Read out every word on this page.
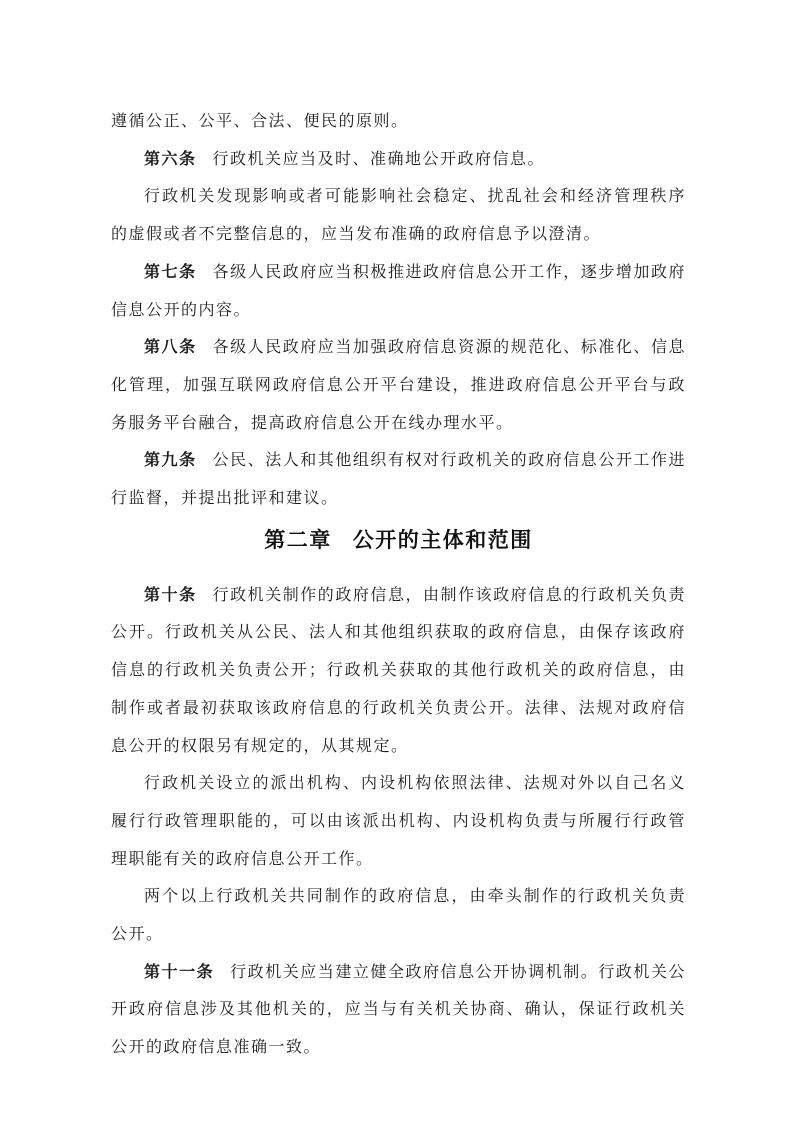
遵循公正、公平、合法、便民的原则。

第六条 行政机关应当及时、准确地公开政府信息。

行政机关发现影响或者可能影响社会稳定、扰乱社会和经济管理秩序的虚假或者不完整信息的，应当发布准确的政府信息予以澄清。

第七条 各级人民政府应当积极推进政府信息公开工作，逐步增加政府信息公开的内容。

第八条 各级人民政府应当加强政府信息资源的规范化、标准化、信息化管理，加强互联网政府信息公开平台建设，推进政府信息公开平台与政务服务平台融合，提高政府信息公开在线办理水平。

第九条 公民、法人和其他组织有权对行政机关的政府信息公开工作进行监督，并提出批评和建议。

第二章 公开的主体和范围

第十条 行政机关制作的政府信息，由制作该政府信息的行政机关负责公开。行政机关从公民、法人和其他组织获取的政府信息，由保存该政府信息的行政机关负责公开；行政机关获取的其他行政机关的政府信息，由制作或者最初获取该政府信息的行政机关负责公开。法律、法规对政府信息公开的权限另有规定的，从其规定。

行政机关设立的派出机构、内设机构依照法律、法规对外以自己名义履行行政管理职能的，可以由该派出机构、内设机构负责与所履行行政管理职能有关的政府信息公开工作。

两个以上行政机关共同制作的政府信息，由牵头制作的行政机关负责公开。

第十一条 行政机关应当建立健全政府信息公开协调机制。行政机关公开政府信息涉及其他机关的，应当与有关机关协商、确认，保证行政机关公开的政府信息准确一致。
